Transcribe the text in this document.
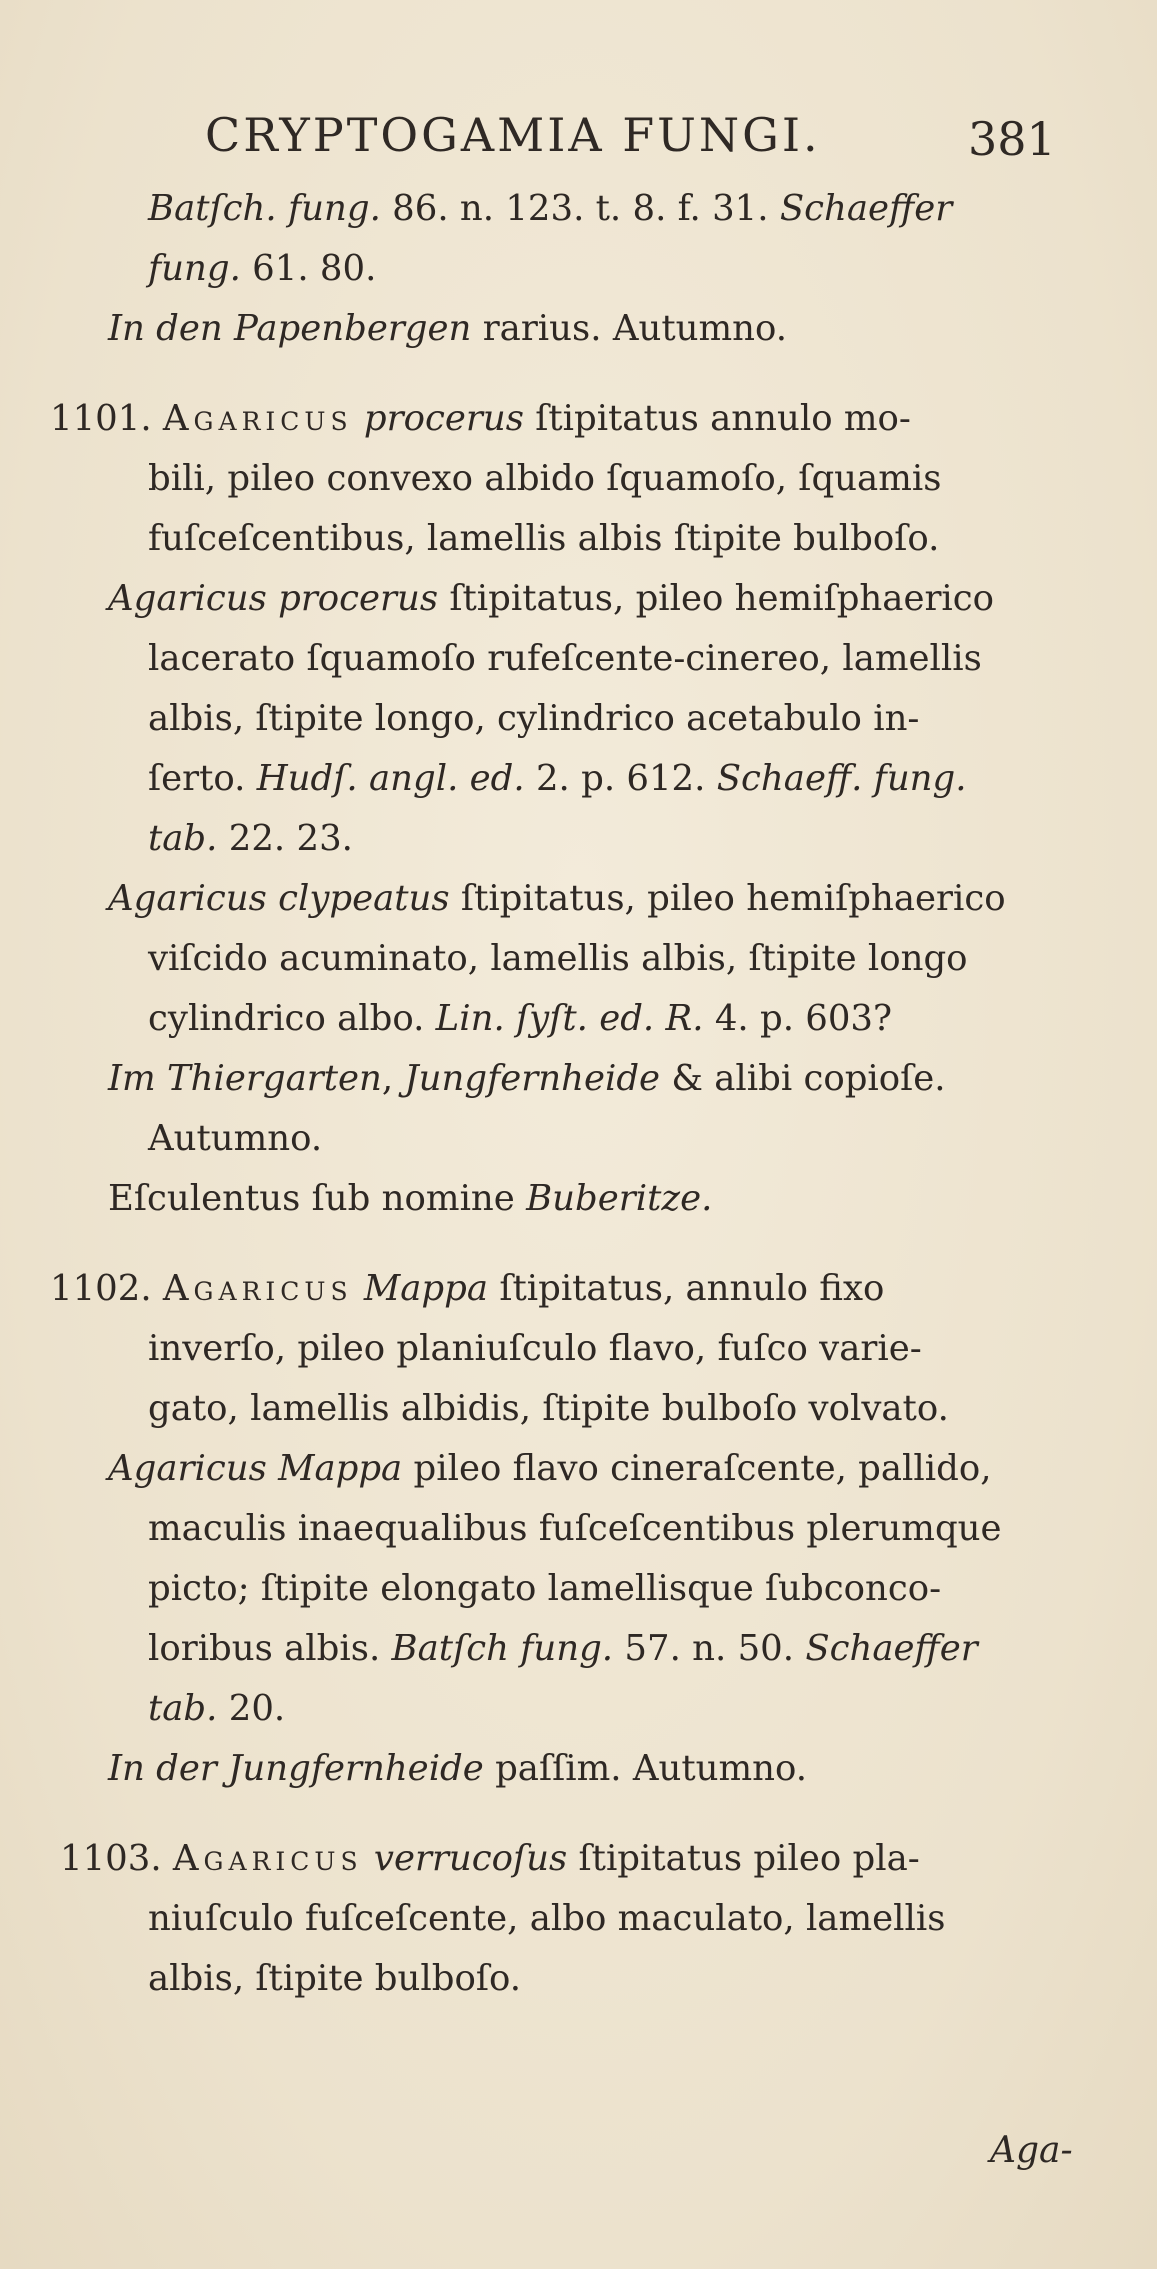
CRYPTOGAMIA FUNGI.	381
Batſch. fung. 86. n. 123. t. 8. f. 31. Schaeffer
fung. 61. 80.
In den Papenbergen rarius. Autumno.
1101. Agaricus procerus ſtipitatus annulo mo-
bili, pileo convexo albido ſquamoſo, ſquamis
fuſceſcentibus, lamellis albis ſtipite bulboſo.
Agaricus procerus ſtipitatus, pileo hemiſphaerico
lacerato ſquamoſo rufeſcente-cinereo, lamellis
albis, ſtipite longo, cylindrico acetabulo in-
ſerto. Hudſ. angl. ed. 2. p. 612. Schaeff. fung.
tab. 22. 23.
Agaricus clypeatus ſtipitatus, pileo hemiſphaerico
viſcido acuminato, lamellis albis, ſtipite longo
cylindrico albo. Lin. ſyſt. ed. R. 4. p. 603?
Im Thiergarten, Jungfernheide & alibi copioſe.
Autumno.
Eſculentus ſub nomine Buberitze.
1102. Agaricus Mappa ſtipitatus, annulo fixo
inverſo, pileo planiuſculo flavo, fuſco varie-
gato, lamellis albidis, ſtipite bulboſo volvato.
Agaricus Mappa pileo flavo cineraſcente, pallido,
maculis inaequalibus fuſceſcentibus plerumque
picto; ſtipite elongato lamellisque ſubconco-
loribus albis. Batſch fung. 57. n. 50. Schaeffer
tab. 20.
In der Jungfernheide paſſim. Autumno.
1103. Agaricus verrucoſus ſtipitatus pileo pla-
niuſculo fuſceſcente, albo maculato, lamellis
albis, ſtipite bulboſo.
Aga-
